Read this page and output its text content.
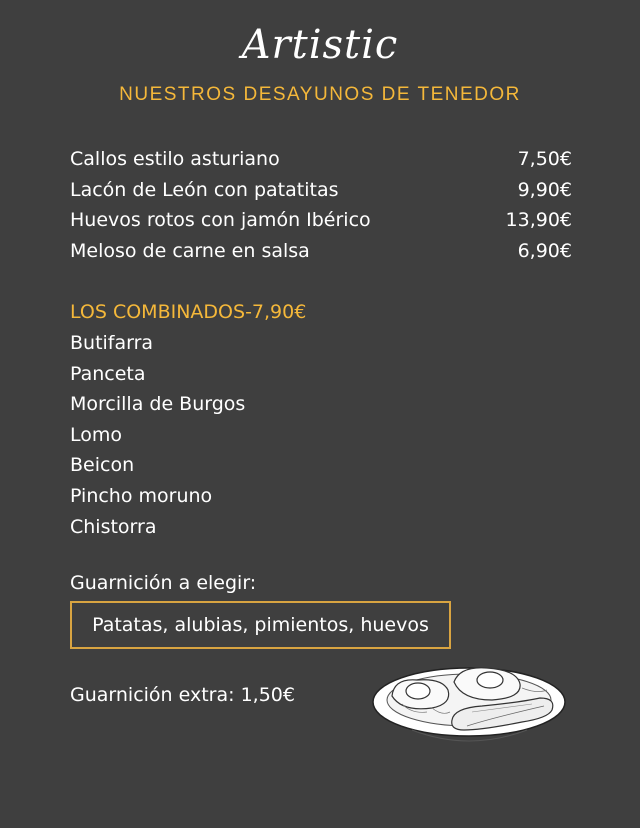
Artistic
NUESTROS DESAYUNOS DE TENEDOR
Callos estilo asturiano	7,50€
Lacón de León con patatitas	9,90€
Huevos rotos con jamón Ibérico	13,90€
Meloso de carne en salsa	6,90€
LOS COMBINADOS-7,90€
Butifarra
Panceta
Morcilla de Burgos
Lomo
Beicon
Pincho moruno
Chistorra
Guarnición a elegir:
Patatas, alubias, pimientos, huevos
Guarnición extra: 1,50€
